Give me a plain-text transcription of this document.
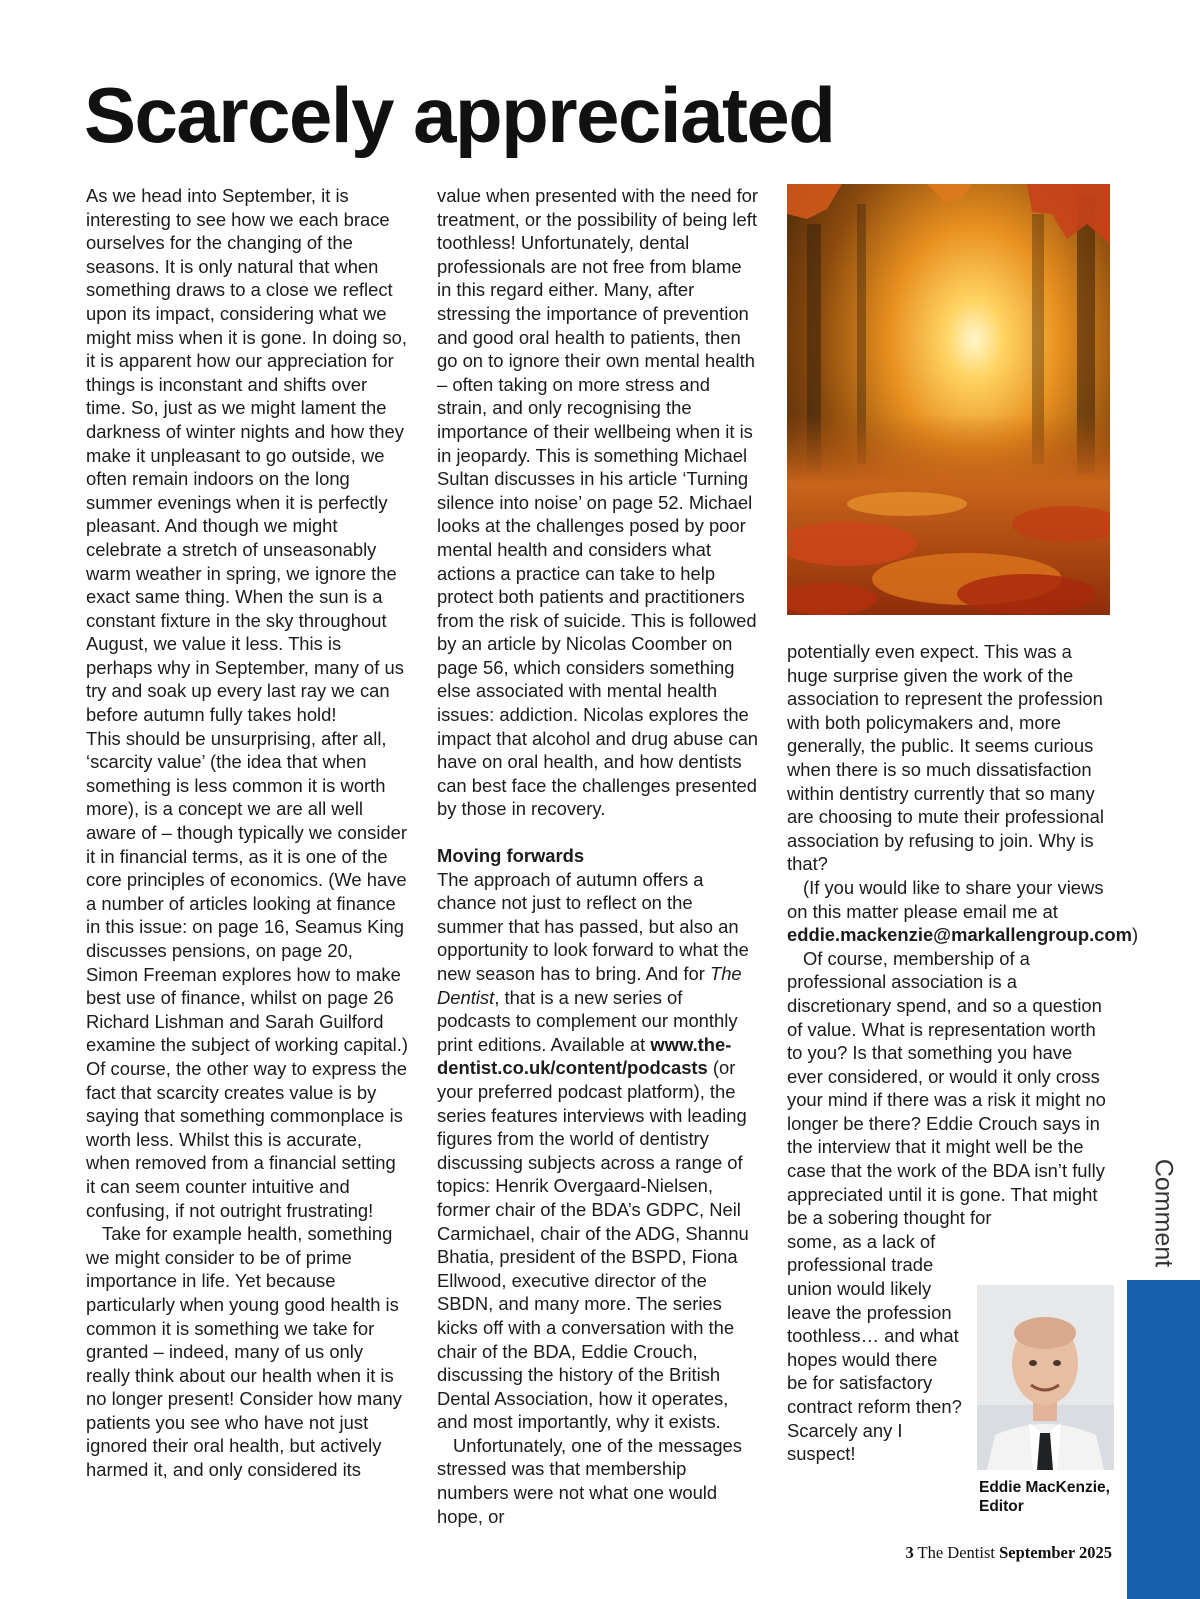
Scarcely appreciated

As we head into September, it is interesting to see how we each brace ourselves for the changing of the seasons. It is only natural that when something draws to a close we reflect upon its impact, considering what we might miss when it is gone. In doing so, it is apparent how our appreciation for things is inconstant and shifts over time. So, just as we might lament the darkness of winter nights and how they make it unpleasant to go outside, we often remain indoors on the long summer evenings when it is perfectly pleasant. And though we might celebrate a stretch of unseasonably warm weather in spring, we ignore the exact same thing. When the sun is a constant fixture in the sky throughout August, we value it less. This is perhaps why in September, many of us try and soak up every last ray we can before autumn fully takes hold!

This should be unsurprising, after all, ‘scarcity value’ (the idea that when something is less common it is worth more), is a concept we are all well aware of – though typically we consider it in financial terms, as it is one of the core principles of economics. (We have a number of articles looking at finance in this issue: on page 16, Seamus King discusses pensions, on page 20, Simon Freeman explores how to make best use of finance, whilst on page 26 Richard Lishman and Sarah Guilford examine the subject of working capital.) Of course, the other way to express the fact that scarcity creates value is by saying that something commonplace is worth less. Whilst this is accurate, when removed from a financial setting it can seem counter intuitive and confusing, if not outright frustrating!

Take for example health, something we might consider to be of prime importance in life. Yet because particularly when young good health is common it is something we take for granted – indeed, many of us only really think about our health when it is no longer present! Consider how many patients you see who have not just ignored their oral health, but actively harmed it, and only considered its

value when presented with the need for treatment, or the possibility of being left toothless! Unfortunately, dental professionals are not free from blame in this regard either. Many, after stressing the importance of prevention and good oral health to patients, then go on to ignore their own mental health – often taking on more stress and strain, and only recognising the importance of their wellbeing when it is in jeopardy. This is something Michael Sultan discusses in his article ‘Turning silence into noise’ on page 52. Michael looks at the challenges posed by poor mental health and considers what actions a practice can take to help protect both patients and practitioners from the risk of suicide. This is followed by an article by Nicolas Coomber on page 56, which considers something else associated with mental health issues: addiction. Nicolas explores the impact that alcohol and drug abuse can have on oral health, and how dentists can best face the challenges presented by those in recovery.

Moving forwards

The approach of autumn offers a chance not just to reflect on the summer that has passed, but also an opportunity to look forward to what the new season has to bring. And for The Dentist, that is a new series of podcasts to complement our monthly print editions. Available at www.the-dentist.co.uk/content/podcasts (or your preferred podcast platform), the series features interviews with leading figures from the world of dentistry discussing subjects across a range of topics: Henrik Overgaard-Nielsen, former chair of the BDA’s GDPC, Neil Carmichael, chair of the ADG, Shannu Bhatia, president of the BSPD, Fiona Ellwood, executive director of the SBDN, and many more. The series kicks off with a conversation with the chair of the BDA, Eddie Crouch, discussing the history of the British Dental Association, how it operates, and most importantly, why it exists.

Unfortunately, one of the messages stressed was that membership numbers were not what one would hope, or

potentially even expect. This was a huge surprise given the work of the association to represent the profession with both policymakers and, more generally, the public. It seems curious when there is so much dissatisfaction within dentistry currently that so many are choosing to mute their professional association by refusing to join. Why is that?

(If you would like to share your views on this matter please email me at eddie.mackenzie@markallengroup.com)

Of course, membership of a professional association is a discretionary spend, and so a question of value. What is representation worth to you? Is that something you have ever considered, or would it only cross your mind if there was a risk it might no longer be there? Eddie Crouch says in the interview that it might well be the case that the work of the BDA isn’t fully appreciated until it is gone. That might be a sobering thought for

some, as a lack of professional trade union would likely leave the profession toothless… and what hopes would there be for satisfactory contract reform then? Scarcely any I suspect!

Eddie MacKenzie,
Editor
Comment
3 The Dentist September 2025
